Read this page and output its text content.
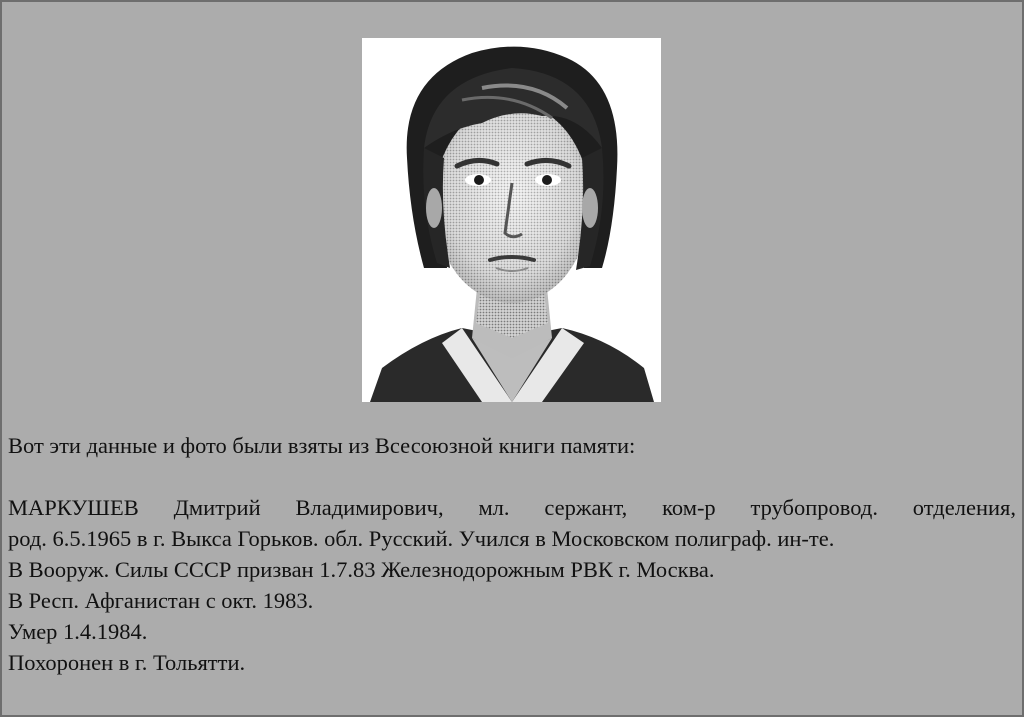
Вот эти данные и фото были взяты из Всесоюзной книги памяти:

МАРКУШЕВ Дмитрий Владимирович, мл. сержант, ком-р трубопровод. отделения,
род. 6.5.1965 в г. Выкса Горьков. обл. Русский. Учился в Московском полиграф. ин-те.
В Вооруж. Силы СССР призван 1.7.83 Железнодорожным РВК г. Москва.
В Респ. Афганистан с окт. 1983.
Умер 1.4.1984.
Похоронен в г. Тольятти.
